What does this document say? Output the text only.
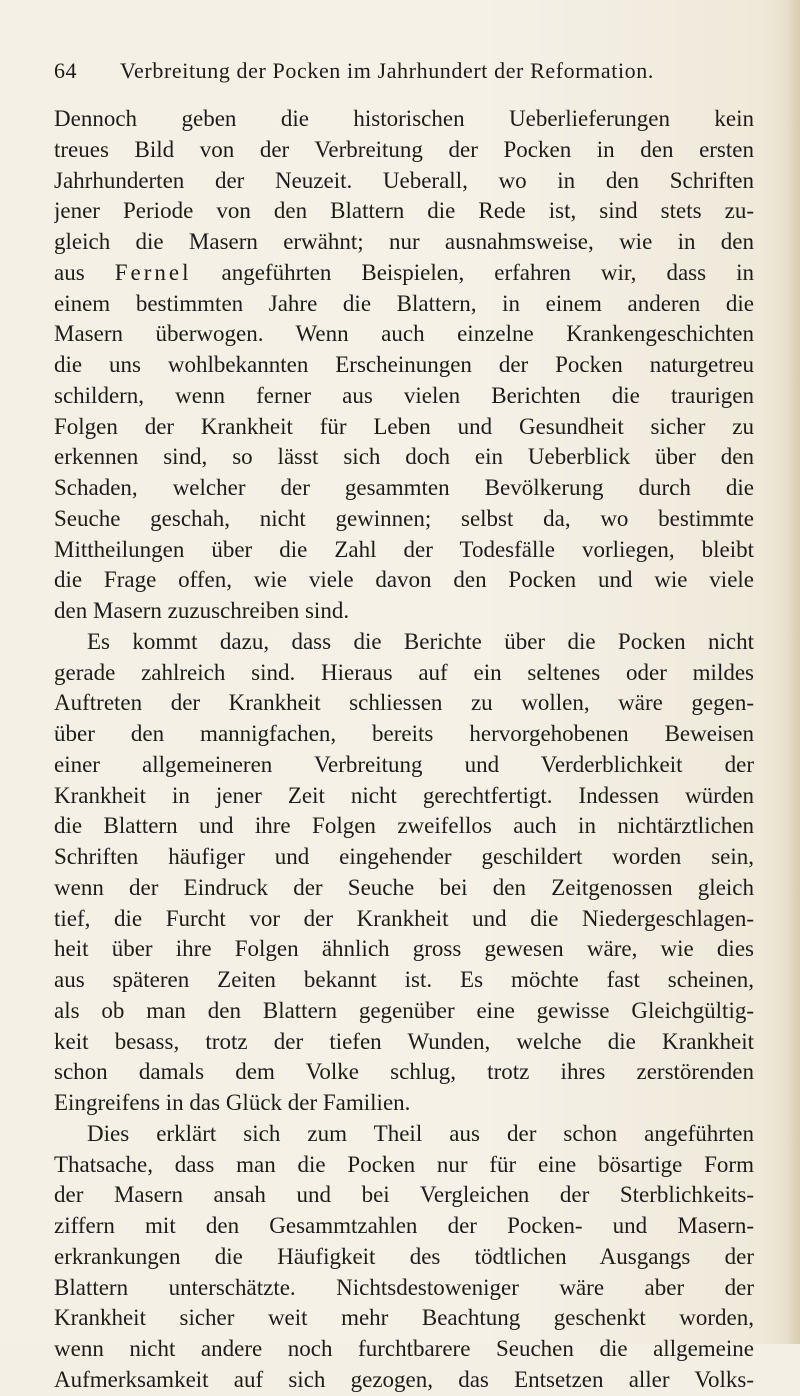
64 Verbreitung der Pocken im Jahrhundert der Reformation.
Dennoch geben die historischen Ueberlieferungen kein
treues Bild von der Verbreitung der Pocken in den ersten
Jahrhunderten der Neuzeit. Ueberall, wo in den Schriften
jener Periode von den Blattern die Rede ist, sind stets zu-
gleich die Masern erwähnt; nur ausnahmsweise, wie in den
aus Fernel angeführten Beispielen, erfahren wir, dass in
einem bestimmten Jahre die Blattern, in einem anderen die
Masern überwogen. Wenn auch einzelne Krankengeschichten
die uns wohlbekannten Erscheinungen der Pocken naturgetreu
schildern, wenn ferner aus vielen Berichten die traurigen
Folgen der Krankheit für Leben und Gesundheit sicher zu
erkennen sind, so lässt sich doch ein Ueberblick über den
Schaden, welcher der gesammten Bevölkerung durch die
Seuche geschah, nicht gewinnen; selbst da, wo bestimmte
Mittheilungen über die Zahl der Todesfälle vorliegen, bleibt
die Frage offen, wie viele davon den Pocken und wie viele
den Masern zuzuschreiben sind.
Es kommt dazu, dass die Berichte über die Pocken nicht
gerade zahlreich sind. Hieraus auf ein seltenes oder mildes
Auftreten der Krankheit schliessen zu wollen, wäre gegen-
über den mannigfachen, bereits hervorgehobenen Beweisen
einer allgemeineren Verbreitung und Verderblichkeit der
Krankheit in jener Zeit nicht gerechtfertigt. Indessen würden
die Blattern und ihre Folgen zweifellos auch in nichtärztlichen
Schriften häufiger und eingehender geschildert worden sein,
wenn der Eindruck der Seuche bei den Zeitgenossen gleich
tief, die Furcht vor der Krankheit und die Niedergeschlagen-
heit über ihre Folgen ähnlich gross gewesen wäre, wie dies
aus späteren Zeiten bekannt ist. Es möchte fast scheinen,
als ob man den Blattern gegenüber eine gewisse Gleichgültig-
keit besass, trotz der tiefen Wunden, welche die Krankheit
schon damals dem Volke schlug, trotz ihres zerstörenden
Eingreifens in das Glück der Familien.
Dies erklärt sich zum Theil aus der schon angeführten
Thatsache, dass man die Pocken nur für eine bösartige Form
der Masern ansah und bei Vergleichen der Sterblichkeits-
ziffern mit den Gesammtzahlen der Pocken- und Masern-
erkrankungen die Häufigkeit des tödtlichen Ausgangs der
Blattern unterschätzte. Nichtsdestoweniger wäre aber der
Krankheit sicher weit mehr Beachtung geschenkt worden,
wenn nicht andere noch furchtbarere Seuchen die allgemeine
Aufmerksamkeit auf sich gezogen, das Entsetzen aller Volks-
